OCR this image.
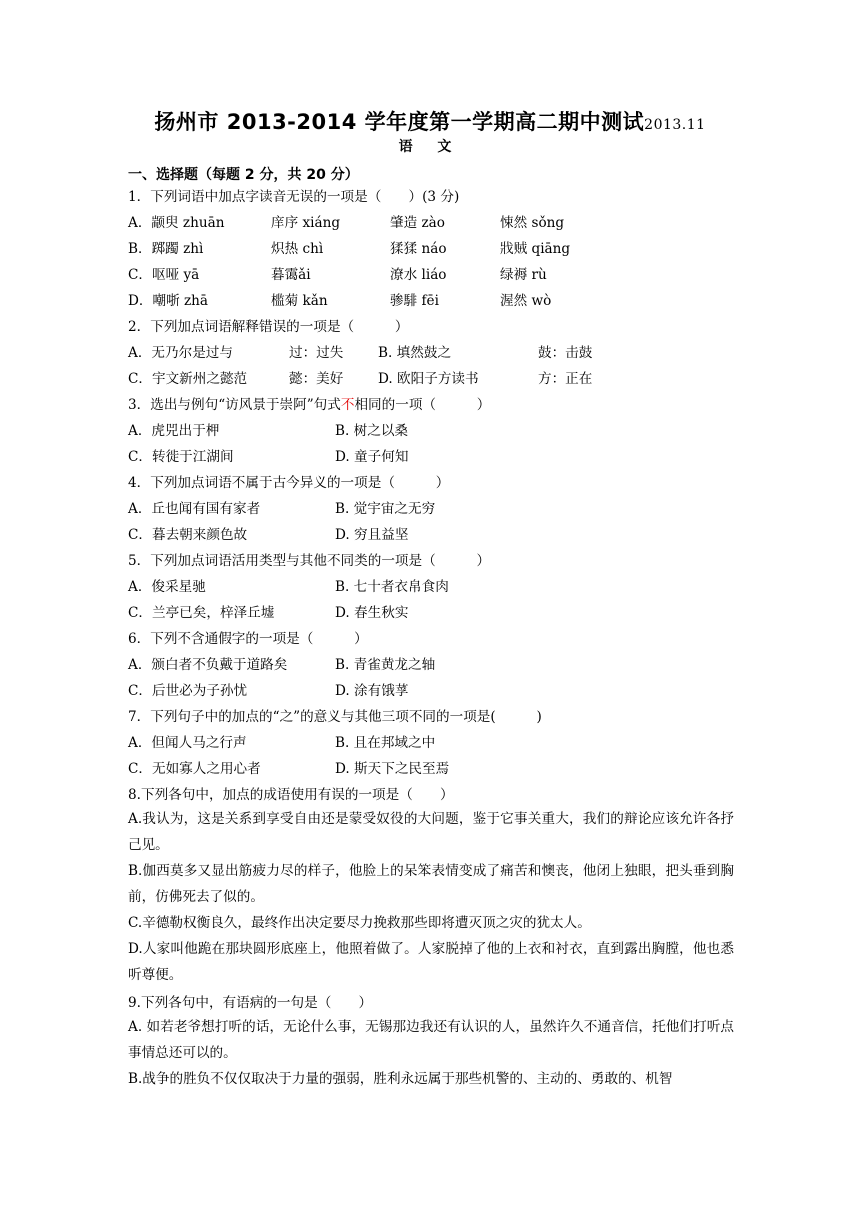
扬州市 2013-2014 学年度第一学期高二期中测试2013.11
语 文
一、选择题（每题 2 分，共 20 分）
1．下列词语中加点字读音无误的一项是（　　）(3 分)
A．颛臾 zhuān	庠序 xiáng	肇造 zào	悚然 sǒng
B．踯躅 zhì	炽热 chì	猱猱 náo	戕贼 qiāng
C．呕哑 yā	暮霭ǎi	潦水 liáo	绿褥 rù
D．嘲哳 zhā	槛菊 kǎn	骖騑 fēi	渥然 wò
2．下列加点词语解释错误的一项是（　　　）
A．无乃尔是过与	过：过失	B. 填然鼓之	鼓：击鼓
C．宇文新州之懿范	懿：美好	D. 欧阳子方读书	方：正在
3．选出与例句“访风景于崇阿”句式不相同的一项（　　　）
A．虎兕出于柙	B. 树之以桑
C．转徙于江湖间	D. 童子何知
4．下列加点词语不属于古今异义的一项是（　　　）
A．丘也闻有国有家者	B. 觉宇宙之无穷
C．暮去朝来颜色故	D. 穷且益坚
5．下列加点词语活用类型与其他不同类的一项是（　　　）
A．俊采星驰	B. 七十者衣帛食肉
C．兰亭已矣，梓泽丘墟	D. 春生秋实
6．下列不含通假字的一项是（　　　）
A．颁白者不负戴于道路矣	B. 青雀黄龙之轴
C．后世必为子孙忧	D. 涂有饿莩
7．下列句子中的加点的“之”的意义与其他三项不同的一项是(　　　)
A．但闻人马之行声	B. 且在邦域之中
C．无如寡人之用心者	D. 斯天下之民至焉
8.下列各句中，加点的成语使用有误的一项是（　　）
A.我认为，这是关系到享受自由还是蒙受奴役的大问题，鉴于它事关重大，我们的辩论应该允许各抒己见。
B.伽西莫多又显出筋疲力尽的样子，他脸上的呆笨表情变成了痛苦和懊丧，他闭上独眼，把头垂到胸前，仿佛死去了似的。
C.辛德勒权衡良久，最终作出决定要尽力挽救那些即将遭灭顶之灾的犹太人。
D.人家叫他跪在那块圆形底座上，他照着做了。人家脱掉了他的上衣和衬衣，直到露出胸膛，他也悉听尊便。
9.下列各句中，有语病的一句是（　　）
A. 如若老爷想打听的话，无论什么事，无锡那边我还有认识的人，虽然许久不通音信，托他们打听点事情总还可以的。
B.战争的胜负不仅仅取决于力量的强弱，胜利永远属于那些机警的、主动的、勇敢的、机智
